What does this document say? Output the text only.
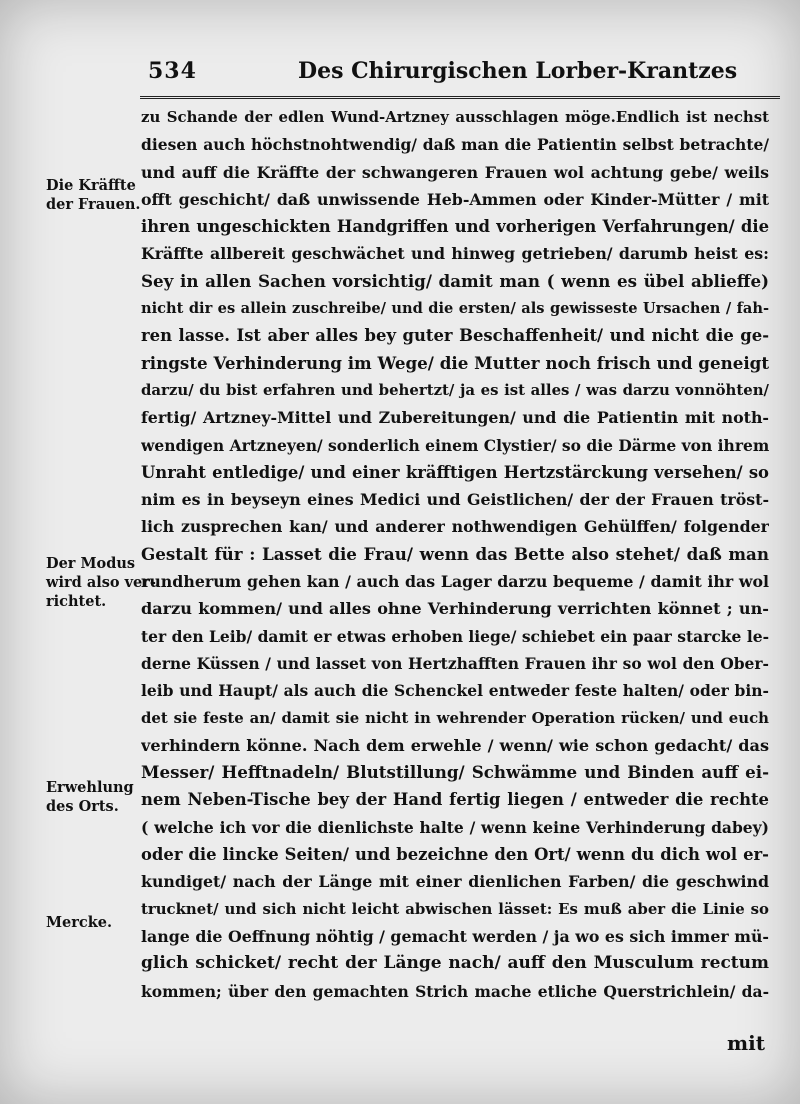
534	Des Chirurgischen Lorber-Krantzes
Die Kräffte
der Frauen.
Der Modus
wird also ver-
richtet.
Erwehlung
des Orts.
Mercke.
zu Schande der edlen Wund-Artzney ausschlagen möge.Endlich ist nechst
diesen auch höchstnohtwendig/ daß man die Patientin selbst betrachte/
und auff die Kräffte der schwangeren Frauen wol achtung gebe/ weils
offt geschicht/ daß unwissende Heb-Ammen oder Kinder-Mütter / mit
ihren ungeschickten Handgriffen und vorherigen Verfahrungen/ die
Kräffte allbereit geschwächet und hinweg getrieben/ darumb heist es:
Sey in allen Sachen vorsichtig/ damit man ( wenn es übel ablieffe)
nicht dir es allein zuschreibe/ und die ersten/ als gewisseste Ursachen / fah-
ren lasse. Ist aber alles bey guter Beschaffenheit/ und nicht die ge-
ringste Verhinderung im Wege/ die Mutter noch frisch und geneigt
darzu/ du bist erfahren und behertzt/ ja es ist alles / was darzu vonnöhten/
fertig/ Artzney-Mittel und Zubereitungen/ und die Patientin mit noth-
wendigen Artzneyen/ sonderlich einem Clystier/ so die Därme von ihrem
Unraht entledige/ und einer kräfftigen Hertzstärckung versehen/ so
nim es in beyseyn eines Medici und Geistlichen/ der der Frauen tröst-
lich zusprechen kan/ und anderer nothwendigen Gehülffen/ folgender
Gestalt für : Lasset die Frau/ wenn das Bette also stehet/ daß man
rundherum gehen kan / auch das Lager darzu bequeme / damit ihr wol
darzu kommen/ und alles ohne Verhinderung verrichten könnet ; un-
ter den Leib/ damit er etwas erhoben liege/ schiebet ein paar starcke le-
derne Küssen / und lasset von Hertzhafften Frauen ihr so wol den Ober-
leib und Haupt/ als auch die Schenckel entweder feste halten/ oder bin-
det sie feste an/ damit sie nicht in wehrender Operation rücken/ und euch
verhindern könne. Nach dem erwehle / wenn/ wie schon gedacht/ das
Messer/ Hefftnadeln/ Blutstillung/ Schwämme und Binden auff ei-
nem Neben-Tische bey der Hand fertig liegen / entweder die rechte
( welche ich vor die dienlichste halte / wenn keine Verhinderung dabey)
oder die lincke Seiten/ und bezeichne den Ort/ wenn du dich wol er-
kundiget/ nach der Länge mit einer dienlichen Farben/ die geschwind
trucknet/ und sich nicht leicht abwischen lässet: Es muß aber die Linie so
lange die Oeffnung nöhtig / gemacht werden / ja wo es sich immer mü-
glich schicket/ recht der Länge nach/ auff den Musculum rectum
kommen; über den gemachten Strich mache etliche Querstrichlein/ da-
mit
